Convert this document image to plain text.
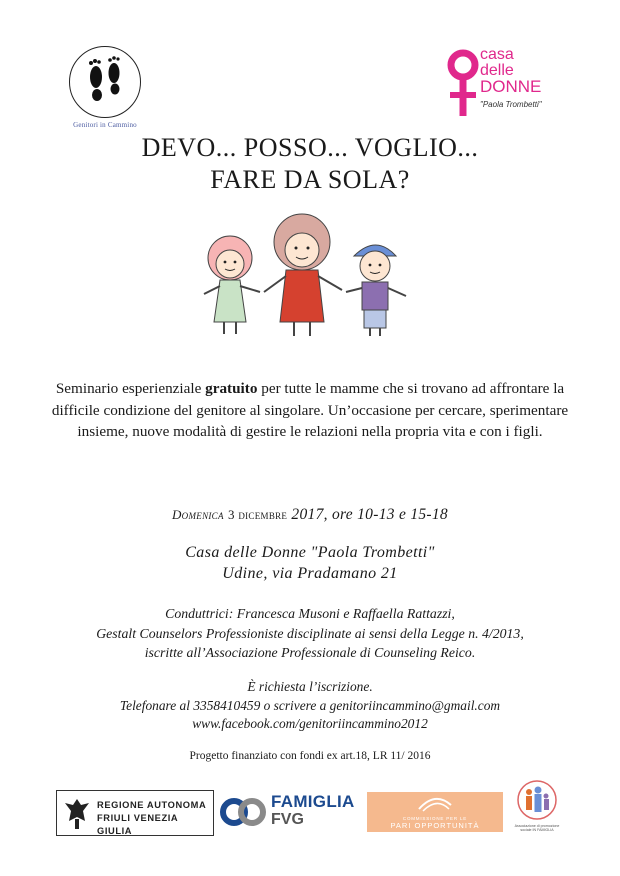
Genitori in Cammino
casa
delle
DONNE
"Paola Trombetti"
DEVO... POSSO... VOGLIO...
FARE DA SOLA?
Seminario esperienziale gratuito per tutte le mamme che si trovano ad affrontare la difficile condizione del genitore al singolare. Un’occasione per cercare, sperimentare insieme, nuove modalità di gestire le relazioni nella propria vita e con i figli.
Domenica 3 dicembre 2017, ore 10-13 e 15-18
Casa delle Donne "Paola Trombetti"
Udine, via Pradamano 21
Conduttrici: Francesca Musoni e Raffaella Rattazzi,
Gestalt Counselors Professioniste disciplinate ai sensi della Legge n. 4/2013,
iscritte all’Associazione Professionale di Counseling Reico.
È richiesta l’iscrizione.
Telefonare al 3358410459 o scrivere a genitoriincammino@gmail.com
www.facebook.com/genitoriincammino2012
Progetto finanziato con fondi ex art.18, LR 11/ 2016
REGIONE AUTONOMA
FRIULI VENEZIA GIULIA
FAMIGLIA
FVG	COMMISSIONE PER LE
PARI OPPORTUNITÀ	Associazione di promozione sociale IN FAMIGLIA
